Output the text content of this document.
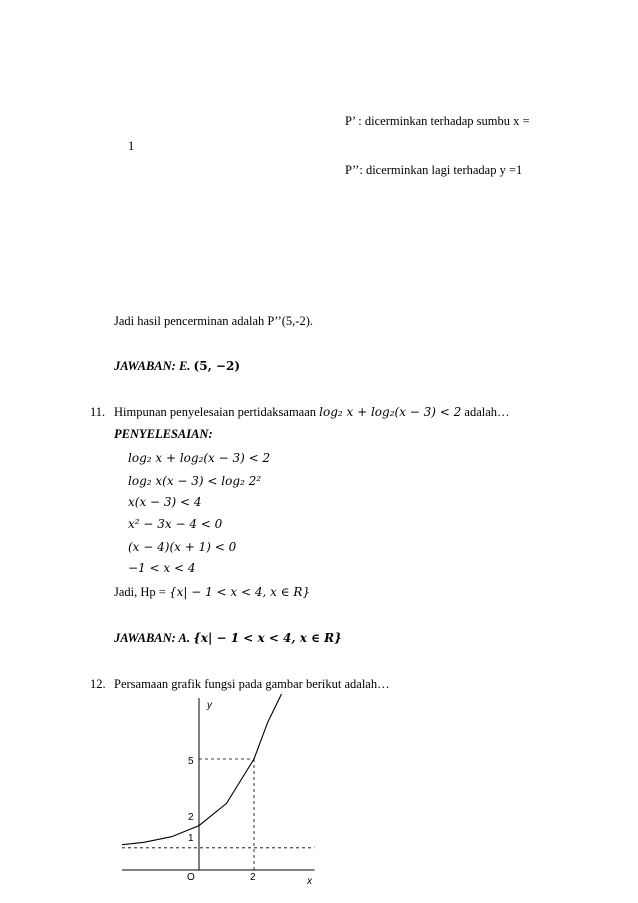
P’ : dicerminkan terhadap sumbu x =
1
P’’: dicerminkan lagi terhadap y =1
Jadi hasil pencerminan adalah P’’(5,-2).
JAWABAN: E. (5, −2)
11. Himpunan penyelesaian pertidaksamaan log₂ x + log₂(x − 3) < 2 adalah…
PENYELESAIAN:
log₂ x + log₂(x − 3) < 2
log₂ x(x − 3) < log₂ 2²
x(x − 3) < 4
x² − 3x − 4 < 0
(x − 4)(x + 1) < 0
−1 < x < 4
Jadi, Hp = {x| − 1 < x < 4, x ∈ R}
JAWABAN: A. {x| − 1 < x < 4, x ∈ R}
12. Persamaan grafik fungsi pada gambar berikut adalah…
y
x
O
5
2
1
2
